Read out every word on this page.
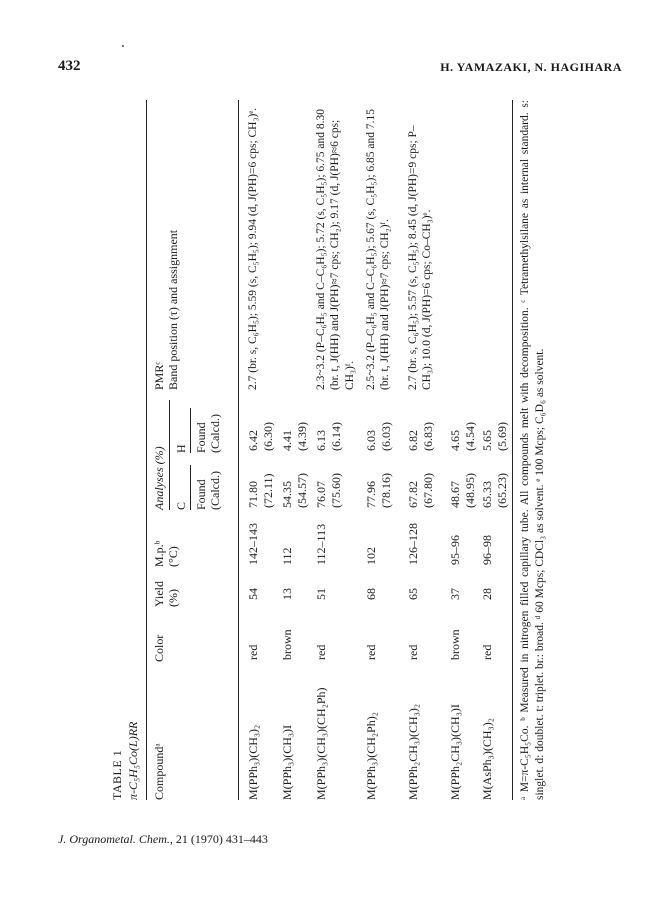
432	H. YAMAZAKI, N. HAGIHARA
TABLE 1 π-C₅H₅Co(L)RR Compoundᵃ
Color
Yield
(%)
M.p.ᵇ
(°C)
Analyses (%) C
H
Found
(Calcd.)
Found
(Calcd.)
PMRᶜ
Band position (τ) and assignment
M(PPh₃)(CH₃)₂
red
54
142–143
71.80 (72.11)
6.42 (6.30)
2.7 (br. s, C₆H₅); 5.59 (s, C₅H₅); 9.94 (d, J(PH)=6 cps; CH₃)ᵉ.
M(PPh₃)(CH₃)I
brown
13
112
54.35 (54.57)
4.41 (4.39)
M(PPh₃)(CH₃)(CH₂Ph)
red
51
112–113
76.07 (75.60)
6.13 (6.14)
2.3~3.2 (P–C₆H₅ and C–C₆H₅); 5.72 (s, C₅H₅); 6.75 and 8.30 (br. t, J(HH) and J(PH)≈7 cps; CH₂); 9.17 (d, J(PH)≈6 cps; CH₃)ᶠ.
M(PPh₃)(CH₂Ph)₂
red
68
102
77.96 (78.16)
6.03 (6.03)
2.5~3.2 (P–C₆H₅ and C–C₆H₅); 5.67 (s, C₅H₅); 6.85 and 7.15 (br. t, J(HH) and J(PH)≈7 cps; CH₂)ᶠ.
M(PPh₂CH₃)(CH₃)₂
red
65
126–128
67.82 (67.80)
6.82 (6.83)
2.7 (br. s, C₆H₅); 5.57 (s, C₅H₅); 8.45 (d, J(PH)=9 cps; P–CH₃); 10.0 (d, J(PH)=6 cps; Co–CH₃)ᵉ.
M(PPh₂CH₃)(CH₃)I
brown
37
95–96
48.67 (48.95)
4.65 (4.54)
M(AsPh₃)(CH₃)₂
red
28
96–98
65.33 (65.23)
5.65 (5.69) ᵃ M=π-C₅H₅Co. ᵇ Measured in nitrogen filled capillary tube. All compounds melt with decomposition. ᶜ Tetramethylsilane as internal standard. s: singlet. d: doublet. t: triplet. br.: broad. ᵈ 60 Mcps; CDCl₃ as solvent. ᵉ 100 Mcps; C₆D₆ as solvent.
J. Organometal. Chem., 21 (1970) 431–443
